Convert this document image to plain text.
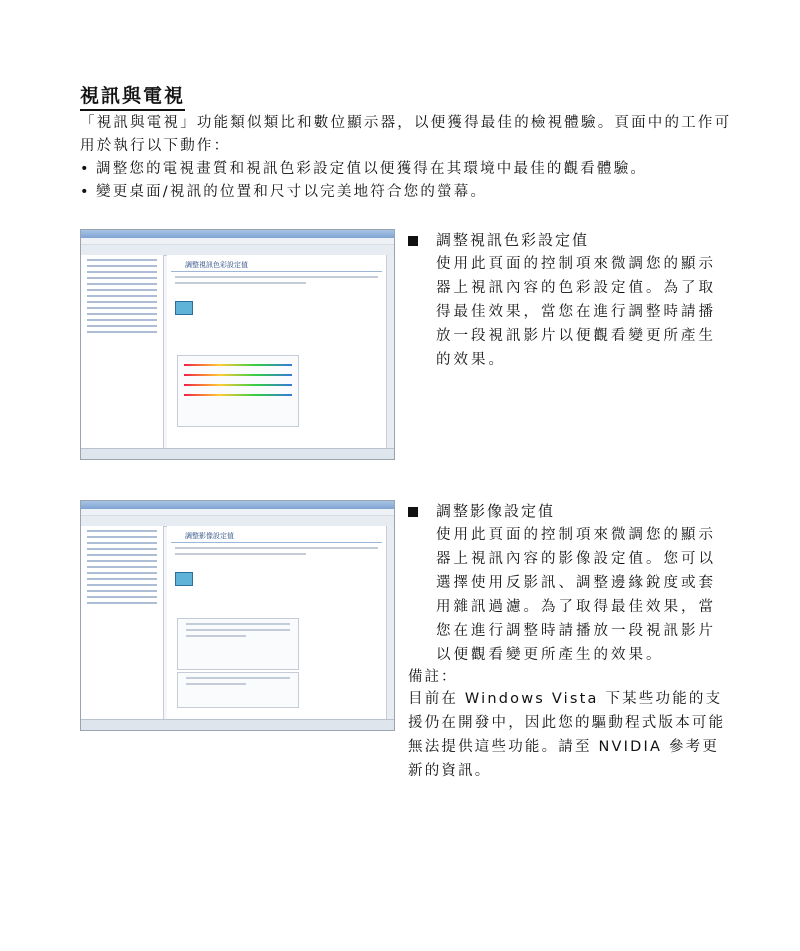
視訊與電視

「視訊與電視」功能類似類比和數位顯示器，以便獲得最佳的檢視體驗。頁面中的工作可用於執行以下動作：

• 調整您的電視畫質和視訊色彩設定值以便獲得在其環境中最佳的觀看體驗。
• 變更桌面/視訊的位置和尺寸以完美地符合您的螢幕。
調整視訊色彩設定值
調整視訊色彩設定值
使用此頁面的控制項來微調您的顯示器上視訊內容的色彩設定值。為了取得最佳效果，當您在進行調整時請播放一段視訊影片以便觀看變更所產生的效果。
調整影像設定值
調整影像設定值
使用此頁面的控制項來微調您的顯示器上視訊內容的影像設定值。您可以選擇使用反影訊、調整邊緣銳度或套用雜訊過濾。為了取得最佳效果，當您在進行調整時請播放一段視訊影片以便觀看變更所產生的效果。
備註：
目前在 Windows Vista 下某些功能的支援仍在開發中，因此您的驅動程式版本可能無法提供這些功能。請至 NVIDIA 參考更新的資訊。
